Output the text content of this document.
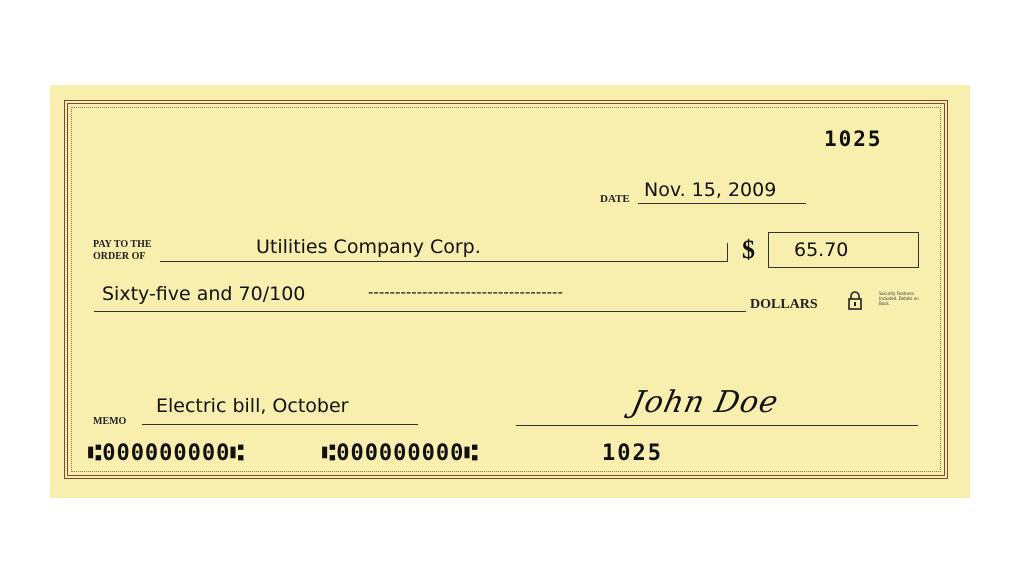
1025
DATE Nov. 15, 2009
PAY TO THE
ORDER OF	Utilities Company Corp.	$ 65.70
Sixty-five and 70/100	------------------------------------
DOLLARS
Security Features Included. Details on Back.
MEMO
Electric bill, October	John Doe
⑆000000000⑆	⑆000000000⑆	1025
